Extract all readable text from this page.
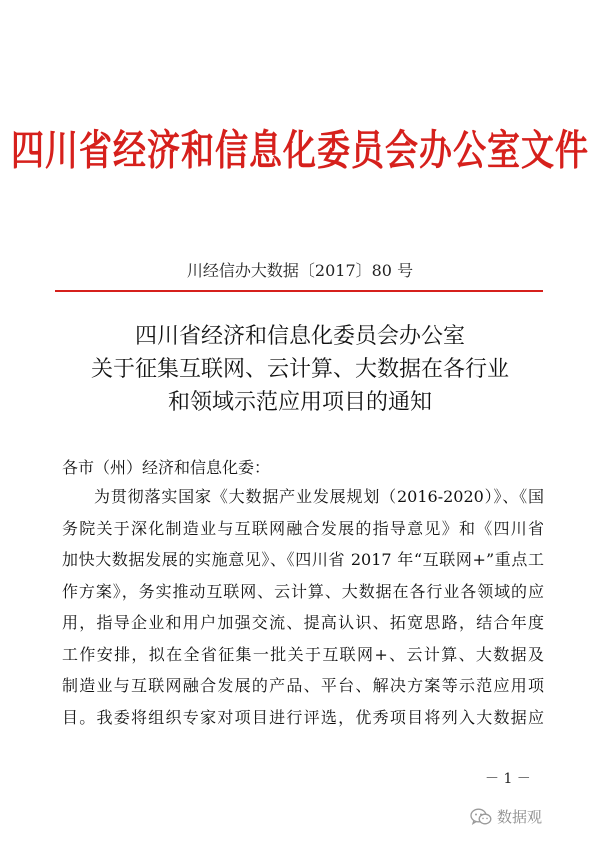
四川省经济和信息化委员会办公室文件
川经信办大数据〔2017〕80 号
四川省经济和信息化委员会办公室
关于征集互联网、云计算、大数据在各行业
和领域示范应用项目的通知
各市（州）经济和信息化委：
为贯彻落实国家《大数据产业发展规划（2016-2020）》、《国
务院关于深化制造业与互联网融合发展的指导意见》和《四川省
加快大数据发展的实施意见》、《四川省 2017 年“互联网+”重点工
作方案》，务实推动互联网、云计算、大数据在各行业各领域的应
用，指导企业和用户加强交流、提高认识、拓宽思路，结合年度
工作安排，拟在全省征集一批关于互联网+、云计算、大数据及
制造业与互联网融合发展的产品、平台、解决方案等示范应用项
目。我委将组织专家对项目进行评选，优秀项目将列入大数据应
－ 1 －
数据观
